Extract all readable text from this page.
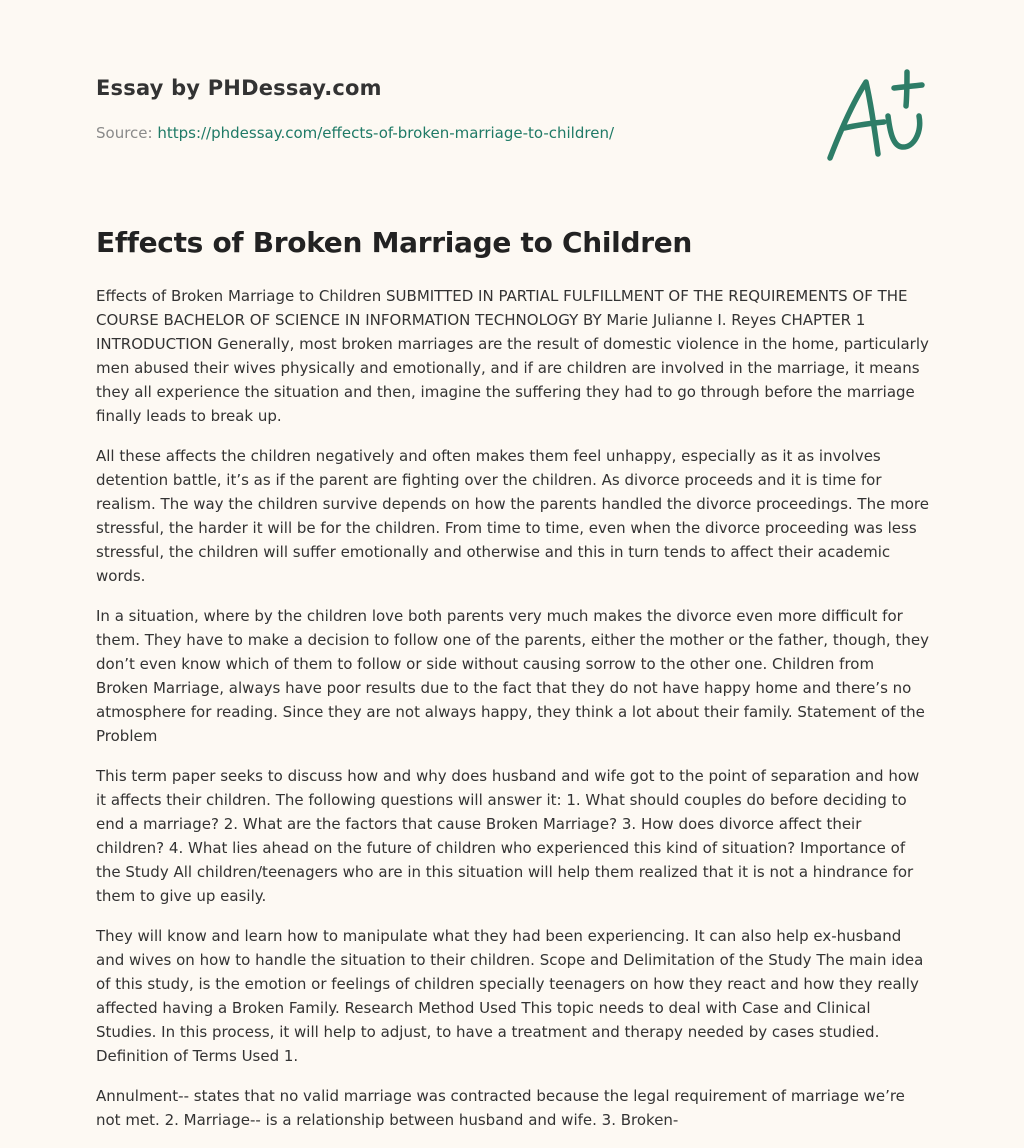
Essay by PHDessay.com
Source: https://phdessay.com/effects-of-broken-marriage-to-children/
Effects of Broken Marriage to Children

Effects of Broken Marriage to Children SUBMITTED IN PARTIAL FULFILLMENT OF THE REQUIREMENTS OF THE COURSE BACHELOR OF SCIENCE IN INFORMATION TECHNOLOGY BY Marie Julianne I. Reyes CHAPTER 1 INTRODUCTION Generally, most broken marriages are the result of domestic violence in the home, particularly men abused their wives physically and emotionally, and if are children are involved in the marriage, it means they all experience the situation and then, imagine the suffering they had to go through before the marriage finally leads to break up.

All these affects the children negatively and often makes them feel unhappy, especially as it as involves detention battle, it’s as if the parent are fighting over the children. As divorce proceeds and it is time for realism. The way the children survive depends on how the parents handled the divorce proceedings. The more stressful, the harder it will be for the children. From time to time, even when the divorce proceeding was less stressful, the children will suffer emotionally and otherwise and this in turn tends to affect their academic words.

In a situation, where by the children love both parents very much makes the divorce even more difficult for them. They have to make a decision to follow one of the parents, either the mother or the father, though, they don’t even know which of them to follow or side without causing sorrow to the other one. Children from Broken Marriage, always have poor results due to the fact that they do not have happy home and there’s no atmosphere for reading. Since they are not always happy, they think a lot about their family. Statement of the Problem

This term paper seeks to discuss how and why does husband and wife got to the point of separation and how it affects their children. The following questions will answer it: 1. What should couples do before deciding to end a marriage? 2. What are the factors that cause Broken Marriage? 3. How does divorce affect their children? 4. What lies ahead on the future of children who experienced this kind of situation? Importance of the Study All children/teenagers who are in this situation will help them realized that it is not a hindrance for them to give up easily.

They will know and learn how to manipulate what they had been experiencing. It can also help ex-husband and wives on how to handle the situation to their children. Scope and Delimitation of the Study The main idea of this study, is the emotion or feelings of children specially teenagers on how they react and how they really affected having a Broken Family. Research Method Used This topic needs to deal with Case and Clinical Studies. In this process, it will help to adjust, to have a treatment and therapy needed by cases studied. Definition of Terms Used 1.

Annulment-- states that no valid marriage was contracted because the legal requirement of marriage we’re not met. 2. Marriage-- is a relationship between husband and wife. 3. Broken-
